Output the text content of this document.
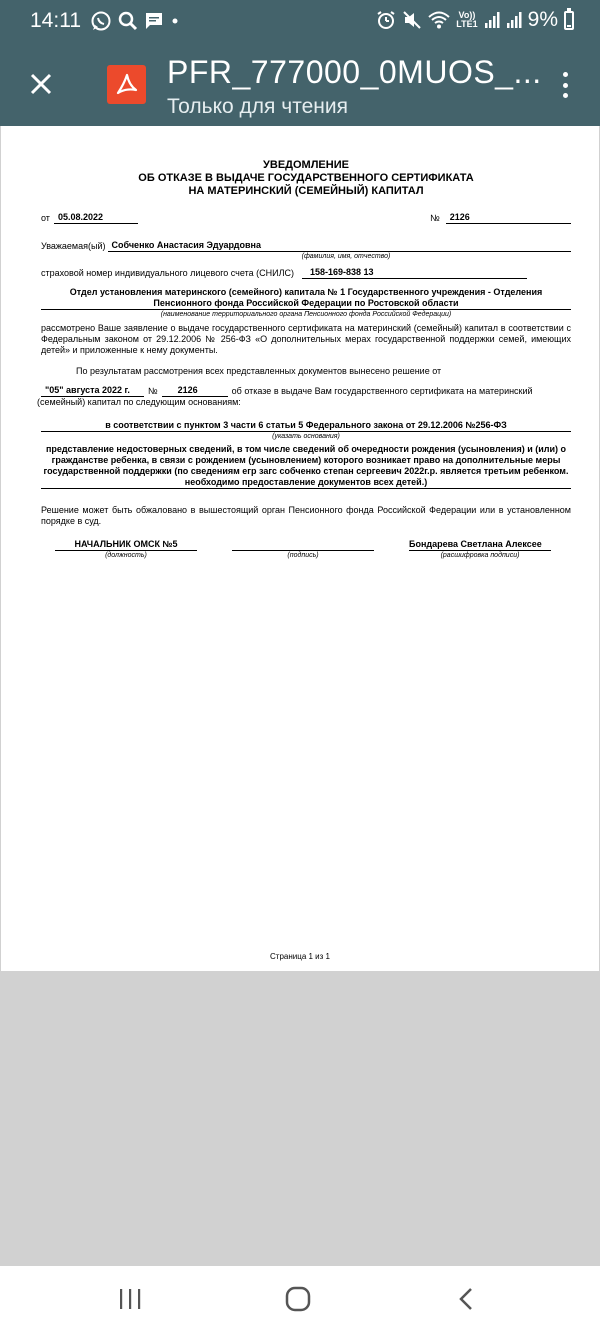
14:11	Vo))
LTE1 9%
PFR_777000_0MUOS_...
Только для чтения
УВЕДОМЛЕНИЕ
ОБ ОТКАЗЕ В ВЫДАЧЕ ГОСУДАРСТВЕННОГО СЕРТИФИКАТА
НА МАТЕРИНСКИЙ (СЕМЕЙНЫЙ) КАПИТАЛ
от 05.08.2022	№	2126
Уважаемая(ый) Собченко Анастасия Эдуардовна
(фамилия, имя, отчество)
страховой номер индивидуального лицевого счета (СНИЛС)	158-169-838 13
Отдел установления материнского (семейного) капитала № 1 Государственного учреждения - Отделения Пенсионного фонда Российской Федерации по Ростовской области
(наименование территориального органа Пенсионного фонда Российской Федерации)
рассмотрено Ваше заявление о выдаче государственного сертификата на материнский (семейный) капитал в соответствии с Федеральным законом от 29.12.2006 № 256-ФЗ «О дополнительных мерах государственной поддержки семей, имеющих детей» и приложенные к нему документы.
По результатам рассмотрения всех представленных документов вынесено решение от
"05" августа 2022 г.	№	2126	об отказе в выдаче Вам государственного сертификата на материнский
(семейный) капитал по следующим основаниям:
в соответствии с пунктом 3 части 6 статьи 5 Федерального закона от 29.12.2006 №256-ФЗ
(указать основания)
представление недостоверных сведений, в том числе сведений об очередности рождения (усыновления) и (или) о гражданстве ребенка, в связи с рождением (усыновлением) которого возникает право на дополнительные меры государственной поддержки (по сведениям егр загс собченко степан сергеевич 2022г.р. является третьим ребенком. необходимо предоставление документов всех детей.)
Решение может быть обжаловано в вышестоящий орган Пенсионного фонда Российской Федерации или в установленном порядке в суд.
НАЧАЛЬНИК ОМСК №5
(должность)	(подпись)
Бондарева Светлана Алексее
(расшифровка подписи)
Страница 1 из 1
